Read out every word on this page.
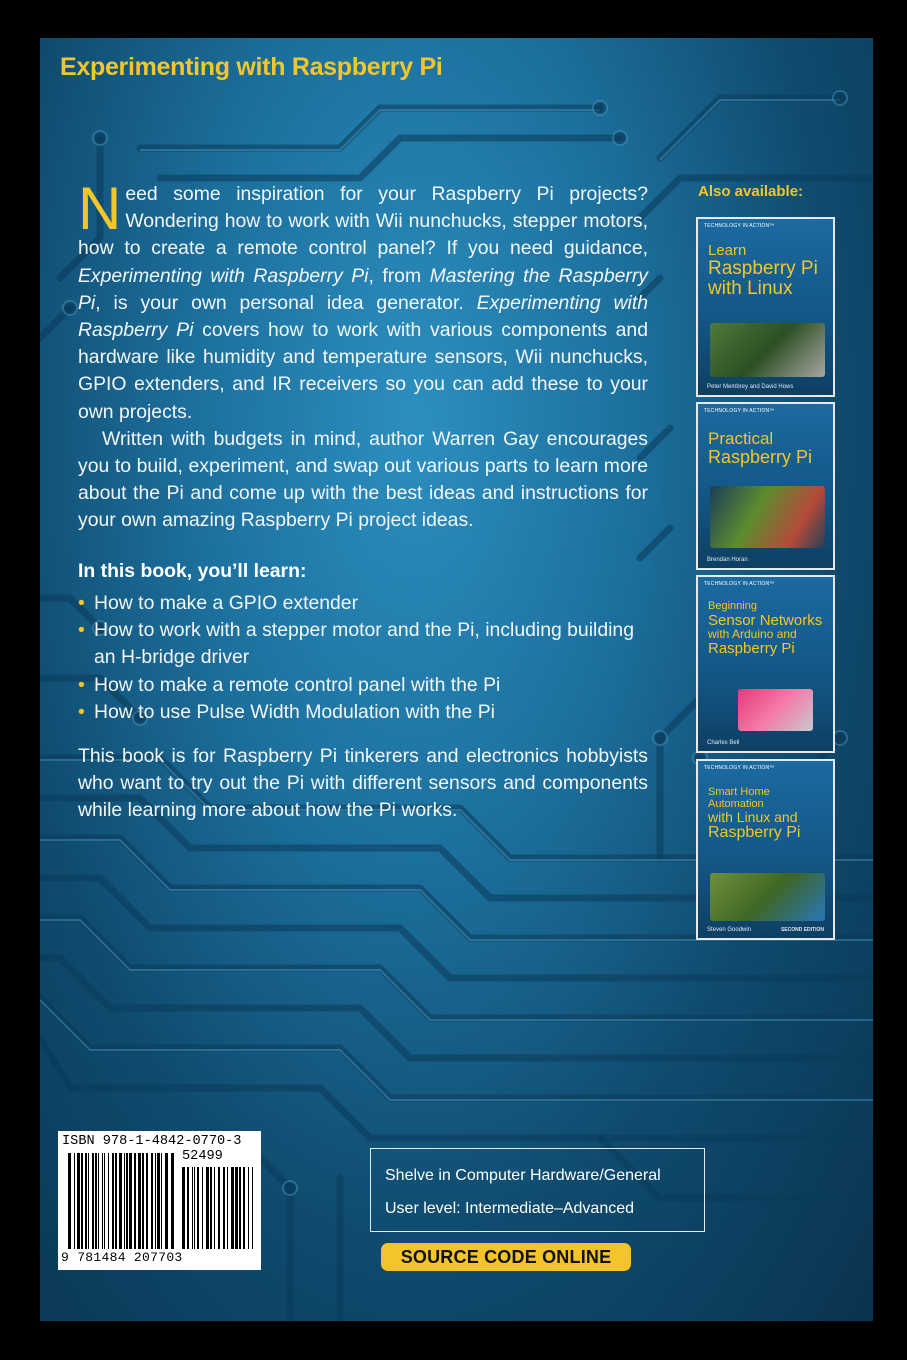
Experimenting with Raspberry Pi

Need some inspiration for your Raspberry Pi projects? Wondering how to work with Wii nunchucks, stepper motors, how to create a remote control panel? If you need guidance, Experimenting with Raspberry Pi, from Mastering the Raspberry Pi, is your own personal idea generator. Experimenting with Raspberry Pi covers how to work with various components and hardware like humidity and temperature sensors, Wii nunchucks, GPIO extenders, and IR receivers so you can add these to your own projects.

Written with budgets in mind, author Warren Gay encourages you to build, experiment, and swap out various parts to learn more about the Pi and come up with the best ideas and instructions for your own amazing Raspberry Pi project ideas.

In this book, you’ll learn:
• How to make a GPIO extender
• How to work with a stepper motor and the Pi, including building an H-bridge driver
• How to make a remote control panel with the Pi
• How to use Pulse Width Modulation with the Pi
This book is for Raspberry Pi tinkerers and electronics hobbyists who want to try out the Pi with different sensors and components while learning more about how the Pi works.
Also available:
TECHNOLOGY IN ACTION™
Learn
Raspberry Pi
with Linux
Peter Membrey and David Hows
TECHNOLOGY IN ACTION™
Practical
Raspberry Pi
Brendan Horan
TECHNOLOGY IN ACTION™
Beginning
Sensor Networks
with Arduino and
Raspberry Pi
Charles Bell
TECHNOLOGY IN ACTION™
Smart Home Automation
with Linux and
Raspberry Pi
Steven Goodwin	SECOND EDITION
ISBN 978-1-4842-0770-3
52499
9 781484 207703
Shelve in Computer Hardware/General
User level: Intermediate–Advanced
SOURCE CODE ONLINE
